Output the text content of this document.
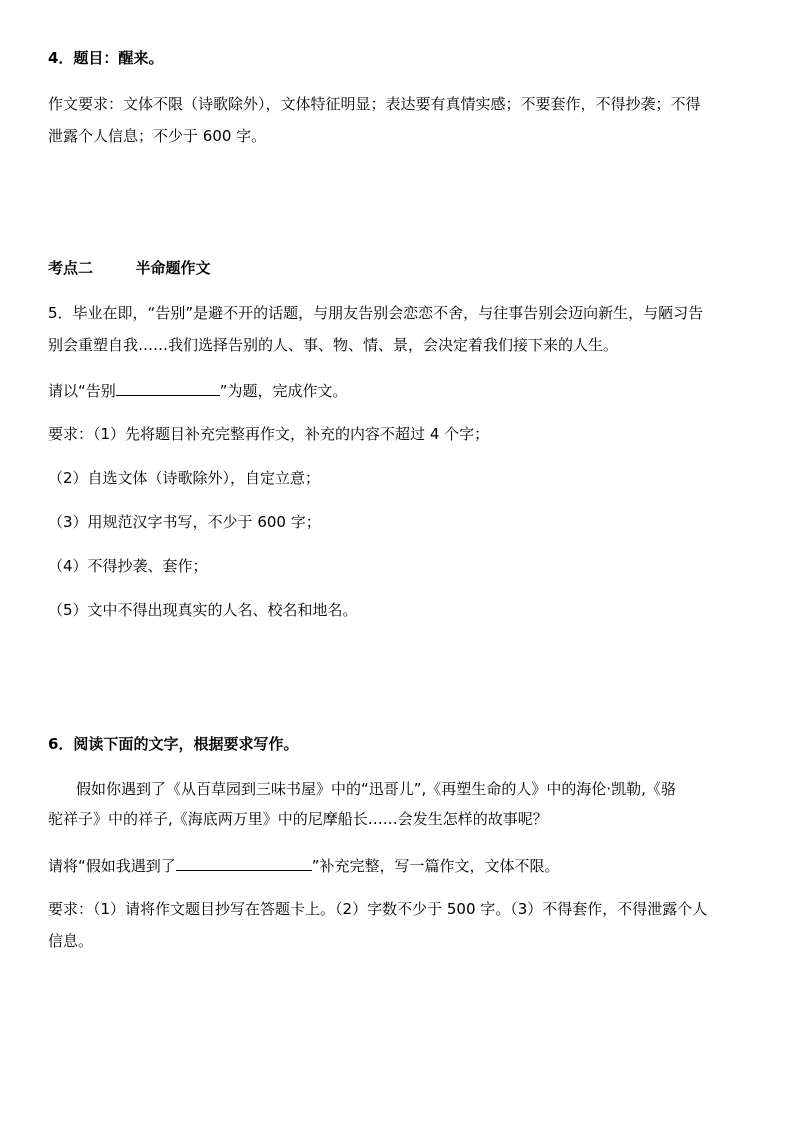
4．题目：醒来。
作文要求：文体不限（诗歌除外），文体特征明显；表达要有真情实感；不要套作，不得抄袭；不得
泄露个人信息；不少于 600 字。
考点二	半命题作文
5．毕业在即，“告别”是避不开的话题，与朋友告别会恋恋不舍，与往事告别会迈向新生，与陋习告
别会重塑自我……我们选择告别的人、事、物、情、景，会决定着我们接下来的人生。
请以“告别	”为题，完成作文。
要求：（1）先将题目补充完整再作文，补充的内容不超过 4 个字；
（2）自选文体（诗歌除外），自定立意；
（3）用规范汉字书写，不少于 600 字；
（4）不得抄袭、套作；
（5）文中不得出现真实的人名、校名和地名。
6．阅读下面的文字，根据要求写作。
假如你遇到了《从百草园到三味书屋》中的“迅哥儿”,《再塑生命的人》中的海伦·凯勒,《骆
驼祥子》中的祥子,《海底两万里》中的尼摩船长……会发生怎样的故事呢？
请将“假如我遇到了	”补充完整，写一篇作文，文体不限。
要求：（1）请将作文题目抄写在答题卡上。（2）字数不少于 500 字。（3）不得套作，不得泄露个人
信息。
